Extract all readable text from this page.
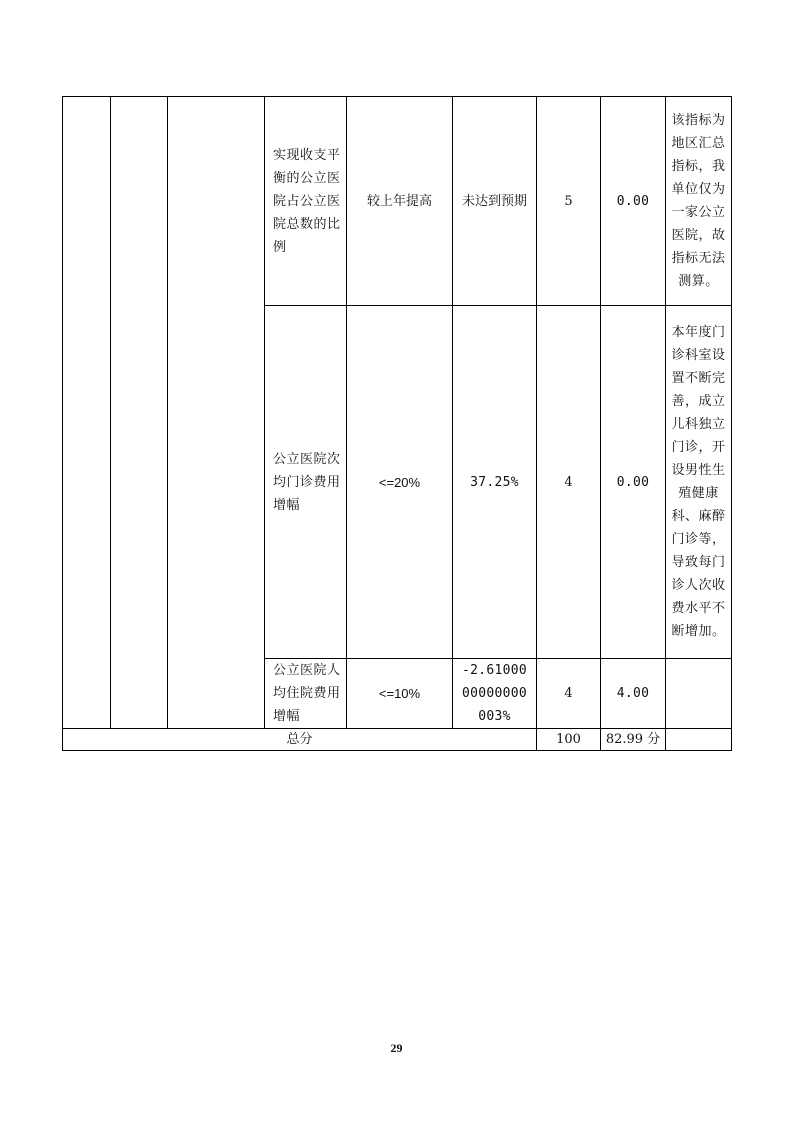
			实现收支平衡的公立医院占公立医院总数的比例	较上年提高	未达到预期	5	0.00	该指标为地区汇总指标，我单位仅为一家公立医院，故指标无法测算。
			公立医院次均门诊费用增幅	<=20%	37.25%	4	0.00	本年度门诊科室设置不断完善，成立儿科独立门诊，开设男性生殖健康科、麻醉门诊等，导致每门诊人次收费水平不断增加。
			公立医院人均住院费用增幅	<=10%	-2.6100000000000003%	4	4.00	
总分						100	82.99 分	
29
